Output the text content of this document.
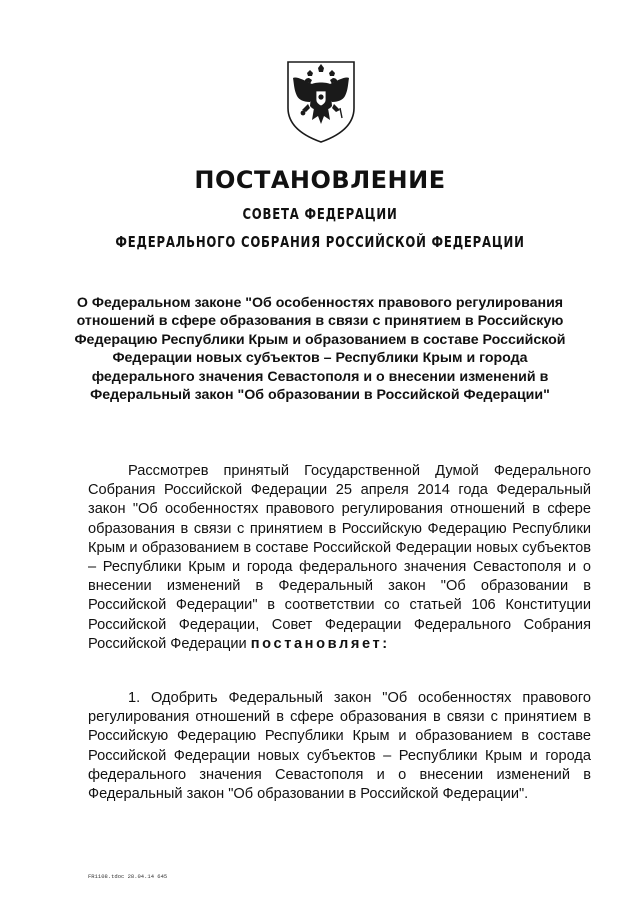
ПОСТАНОВЛЕНИЕ
СОВЕТА ФЕДЕРАЦИИ
ФЕДЕРАЛЬНОГО СОБРАНИЯ РОССИЙСКОЙ ФЕДЕРАЦИИ
О Федеральном законе "Об особенностях правового регулирования отношений в сфере образования в связи с принятием в Российскую Федерацию Республики Крым и образованием в составе Российской Федерации новых субъектов – Республики Крым и города федерального значения Севастополя и о внесении изменений в Федеральный закон "Об образовании в Российской Федерации"
Рассмотрев принятый Государственной Думой Федерального Собрания Российской Федерации 25 апреля 2014 года Федеральный закон "Об особенностях правового регулирования отношений в сфере образования в связи с принятием в Российскую Федерацию Республики Крым и образованием в составе Российской Федерации новых субъектов – Республики Крым и города федерального значения Севастополя и о внесении изменений в Федеральный закон "Об образовании в Российской Федерации" в соответствии со статьей 106 Конституции Российской Федерации, Совет Федерации Федерального Собрания Российской Федерации постановляет:
1. Одобрить Федеральный закон "Об особенностях правового регулирования отношений в сфере образования в связи с принятием в Российскую Федерацию Республики Крым и образованием в составе Российской Федерации новых субъектов – Республики Крым и города федерального значения Севастополя и о внесении изменений в Федеральный закон "Об образовании в Российской Федерации".
FR1108.tdoc 28.04.14 645
